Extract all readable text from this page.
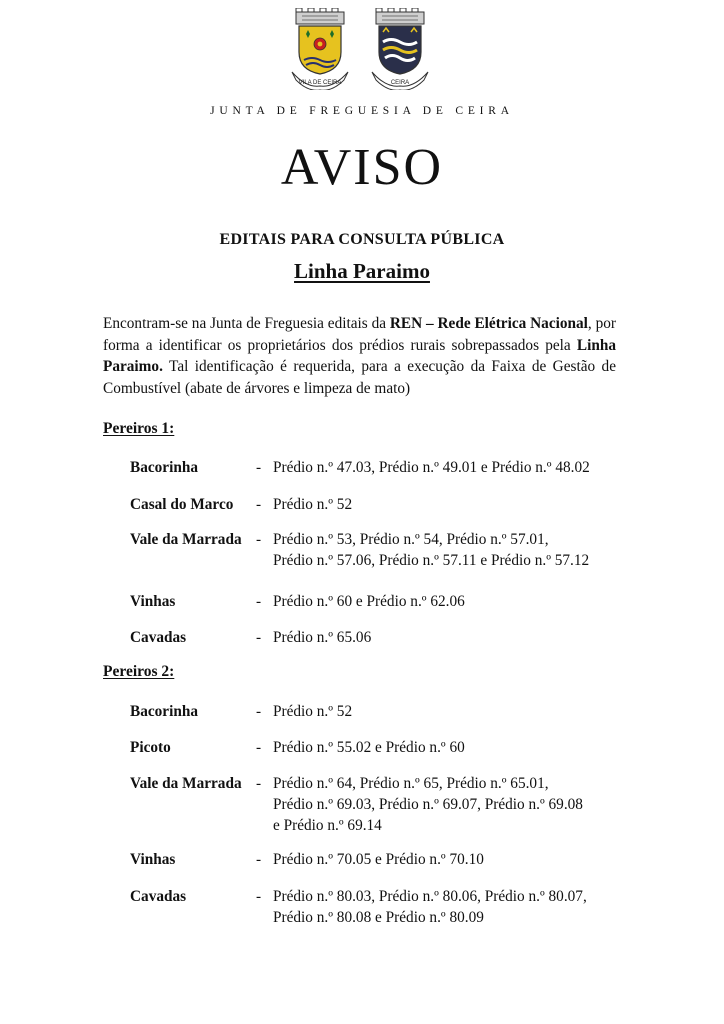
VILA DE CEIRA	CEIRA
JUNTA DE FREGUESIA DE CEIRA
AVISO
EDITAIS PARA CONSULTA PÚBLICA
Linha Paraimo

Encontram-se na Junta de Freguesia editais da REN – Rede Elétrica Nacional, por forma a identificar os proprietários dos prédios rurais sobrepassados pela Linha Paraimo. Tal identificação é requerida, para a execução da Faixa de Gestão de Combustível (abate de árvores e limpeza de mato)

Pereiros 1:
Bacorinha	- Prédio n.º 47.03, Prédio n.º 49.01 e Prédio n.º 48.02
Casal do Marco - Prédio n.º 52
Vale da Marrada - Prédio n.º 53, Prédio n.º 54, Prédio n.º 57.01,
Prédio n.º 57.06, Prédio n.º 57.11 e Prédio n.º 57.12
Vinhas	- Prédio n.º 60 e Prédio n.º 62.06
Cavadas	- Prédio n.º 65.06
Pereiros 2:
Bacorinha	- Prédio n.º 52
Picoto	- Prédio n.º 55.02 e Prédio n.º 60
Vale da Marrada - Prédio n.º 64, Prédio n.º 65, Prédio n.º 65.01,
Prédio n.º 69.03, Prédio n.º 69.07, Prédio n.º 69.08
e Prédio n.º 69.14
Vinhas	- Prédio n.º 70.05 e Prédio n.º 70.10
Cavadas	- Prédio n.º 80.03, Prédio n.º 80.06, Prédio n.º 80.07,
Prédio n.º 80.08 e Prédio n.º 80.09
